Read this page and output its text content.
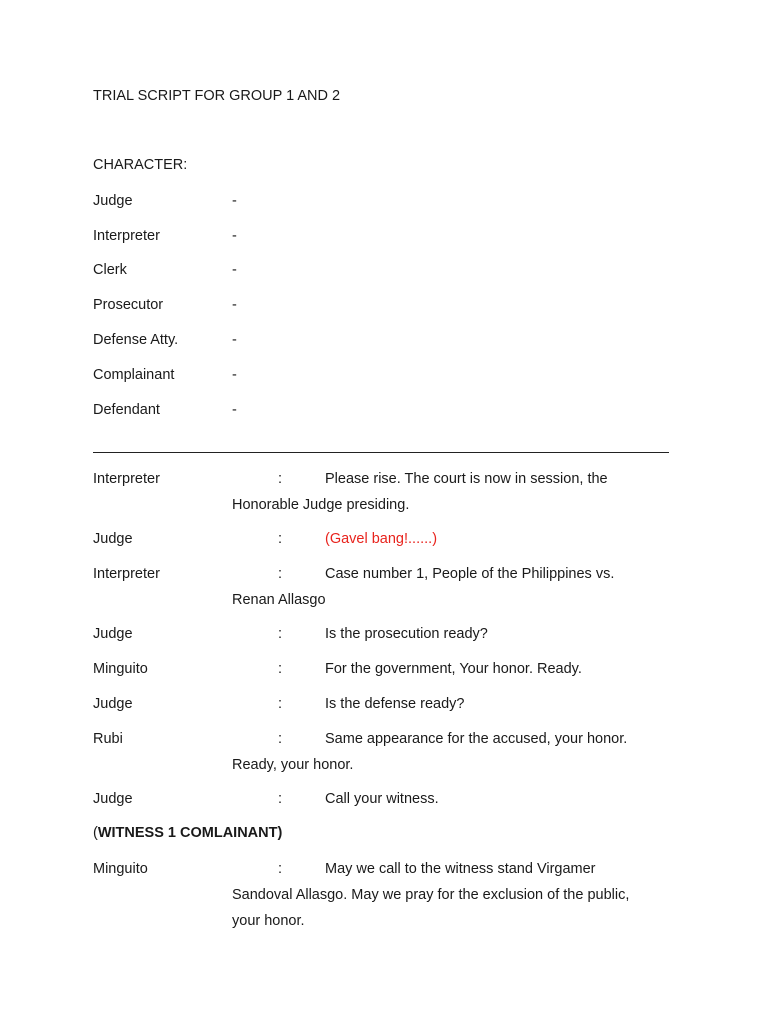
TRIAL SCRIPT FOR GROUP 1 AND 2
CHARACTER:
Judge	-
Interpreter	-
Clerk	-
Prosecutor	-
Defense Atty.	-
Complainant	-
Defendant	-
Interpreter	:	Please rise. The court is now in session, the
Honorable Judge presiding.
Judge	:	(Gavel bang!......)
Interpreter	:	Case number 1, People of the Philippines vs.
Renan Allasgo
Judge	:	Is the prosecution ready?
Minguito	:	For the government, Your honor. Ready.
Judge	:	Is the defense ready?
Rubi	:	Same appearance for the accused, your honor.
Ready, your honor.
Judge	:	Call your witness.
(WITNESS 1 COMLAINANT)
Minguito	:	May we call to the witness stand Virgamer
Sandoval Allasgo. May we pray for the exclusion of the public,
your honor.
